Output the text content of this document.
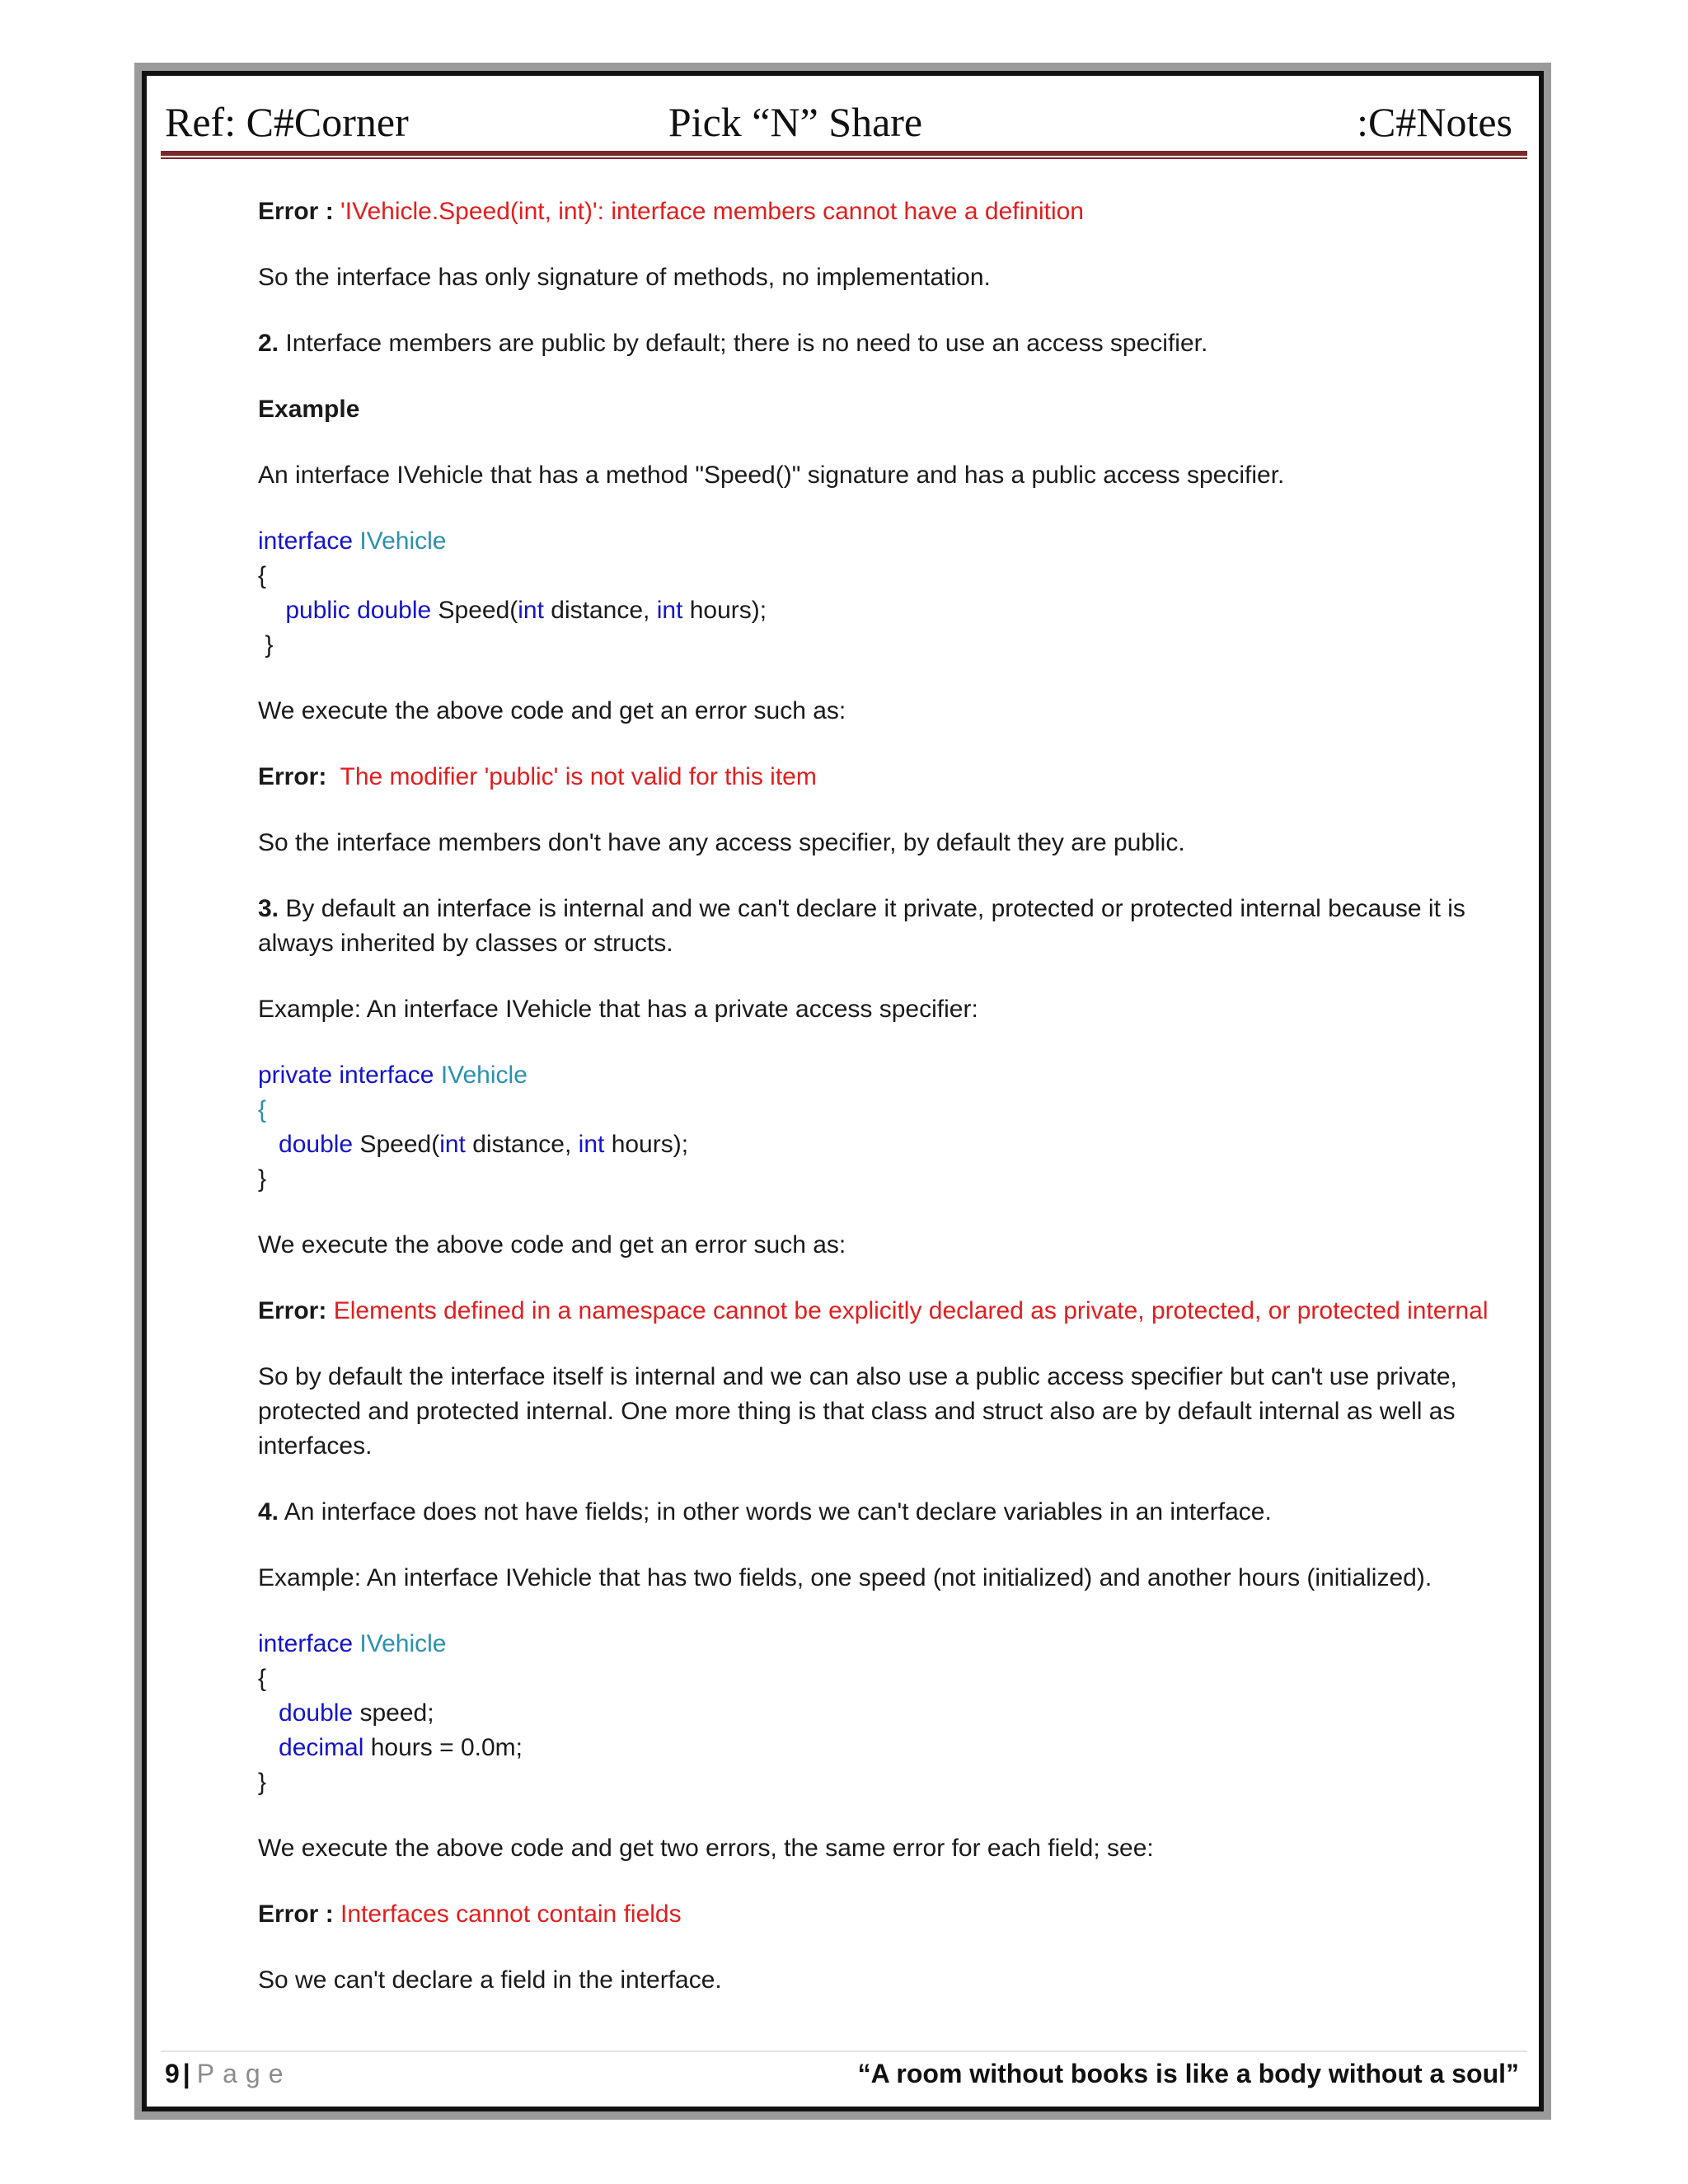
Ref: C#Corner	Pick “N” Share	:C#Notes
Error : 'IVehicle.Speed(int, int)': interface members cannot have a definition
So the interface has only signature of methods, no implementation.
2. Interface members are public by default; there is no need to use an access specifier.
Example
An interface IVehicle that has a method "Speed()" signature and has a public access specifier.
interface IVehicle
{
public double Speed(int distance, int hours);
}
We execute the above code and get an error such as:
Error: The modifier 'public' is not valid for this item
So the interface members don't have any access specifier, by default they are public.
3. By default an interface is internal and we can't declare it private, protected or protected internal because it is always inherited by classes or structs.
Example: An interface IVehicle that has a private access specifier:
private interface IVehicle
{
double Speed(int distance, int hours);
}
We execute the above code and get an error such as:
Error: Elements defined in a namespace cannot be explicitly declared as private, protected, or protected internal
So by default the interface itself is internal and we can also use a public access specifier but can't use private, protected and protected internal. One more thing is that class and struct also are by default internal as well as interfaces.
4. An interface does not have fields; in other words we can't declare variables in an interface.
Example: An interface IVehicle that has two fields, one speed (not initialized) and another hours (initialized).
interface IVehicle
{
double speed;
decimal hours = 0.0m;
}
We execute the above code and get two errors, the same error for each field; see:
Error : Interfaces cannot contain fields
So we can't declare a field in the interface.
9 | Page	“A room without books is like a body without a soul”
